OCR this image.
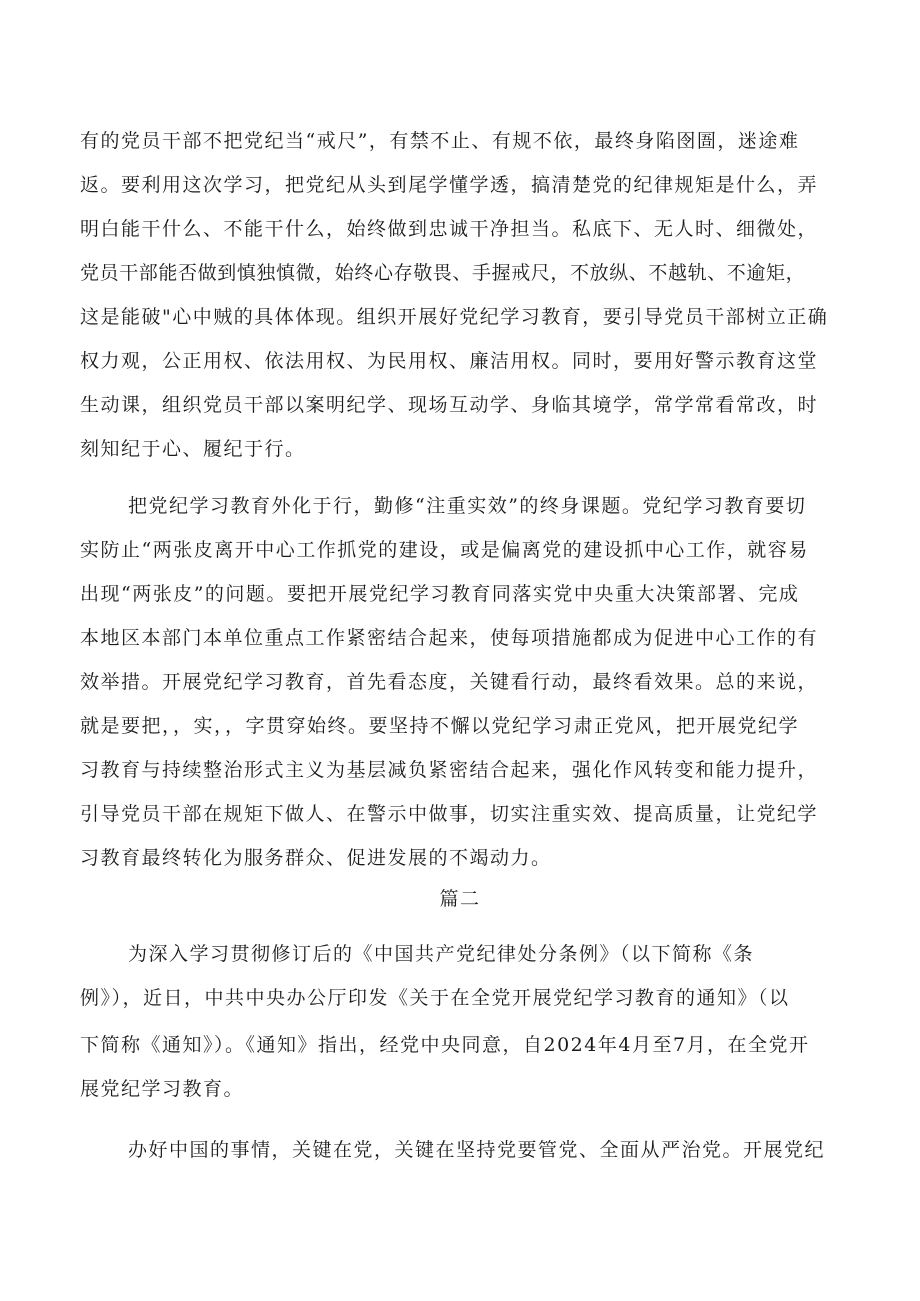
有的党员干部不把党纪当“戒尺”，有禁不止、有规不依，最终身陷囹圄，迷途难
返。要利用这次学习，把党纪从头到尾学懂学透，搞清楚党的纪律规矩是什么，弄
明白能干什么、不能干什么，始终做到忠诚干净担当。私底下、无人时、细微处，
党员干部能否做到慎独慎微，始终心存敬畏、手握戒尺，不放纵、不越轨、不逾矩，
这是能破"心中贼的具体体现。组织开展好党纪学习教育，要引导党员干部树立正确
权力观，公正用权、依法用权、为民用权、廉洁用权。同时，要用好警示教育这堂
生动课，组织党员干部以案明纪学、现场互动学、身临其境学，常学常看常改，时
刻知纪于心、履纪于行。
把党纪学习教育外化于行，勤修“注重实效”的终身课题。党纪学习教育要切
实防止“两张皮离开中心工作抓党的建设，或是偏离党的建设抓中心工作，就容易
出现“两张皮”的问题。要把开展党纪学习教育同落实党中央重大决策部署、完成
本地区本部门本单位重点工作紧密结合起来，使每项措施都成为促进中心工作的有
效举措。开展党纪学习教育，首先看态度，关键看行动，最终看效果。总的来说，
就是要把，，实，，字贯穿始终。要坚持不懈以党纪学习肃正党风，把开展党纪学
习教育与持续整治形式主义为基层减负紧密结合起来，强化作风转变和能力提升，
引导党员干部在规矩下做人、在警示中做事，切实注重实效、提高质量，让党纪学
习教育最终转化为服务群众、促进发展的不竭动力。
篇二
为深入学习贯彻修订后的《中国共产党纪律处分条例》（以下简称《条
例》），近日，中共中央办公厅印发《关于在全党开展党纪学习教育的通知》（以
下简称《通知》）。《通知》指出，经党中央同意，自2024年4月至7月，在全党开
展党纪学习教育。
办好中国的事情，关键在党，关键在坚持党要管党、全面从严治党。开展党纪
